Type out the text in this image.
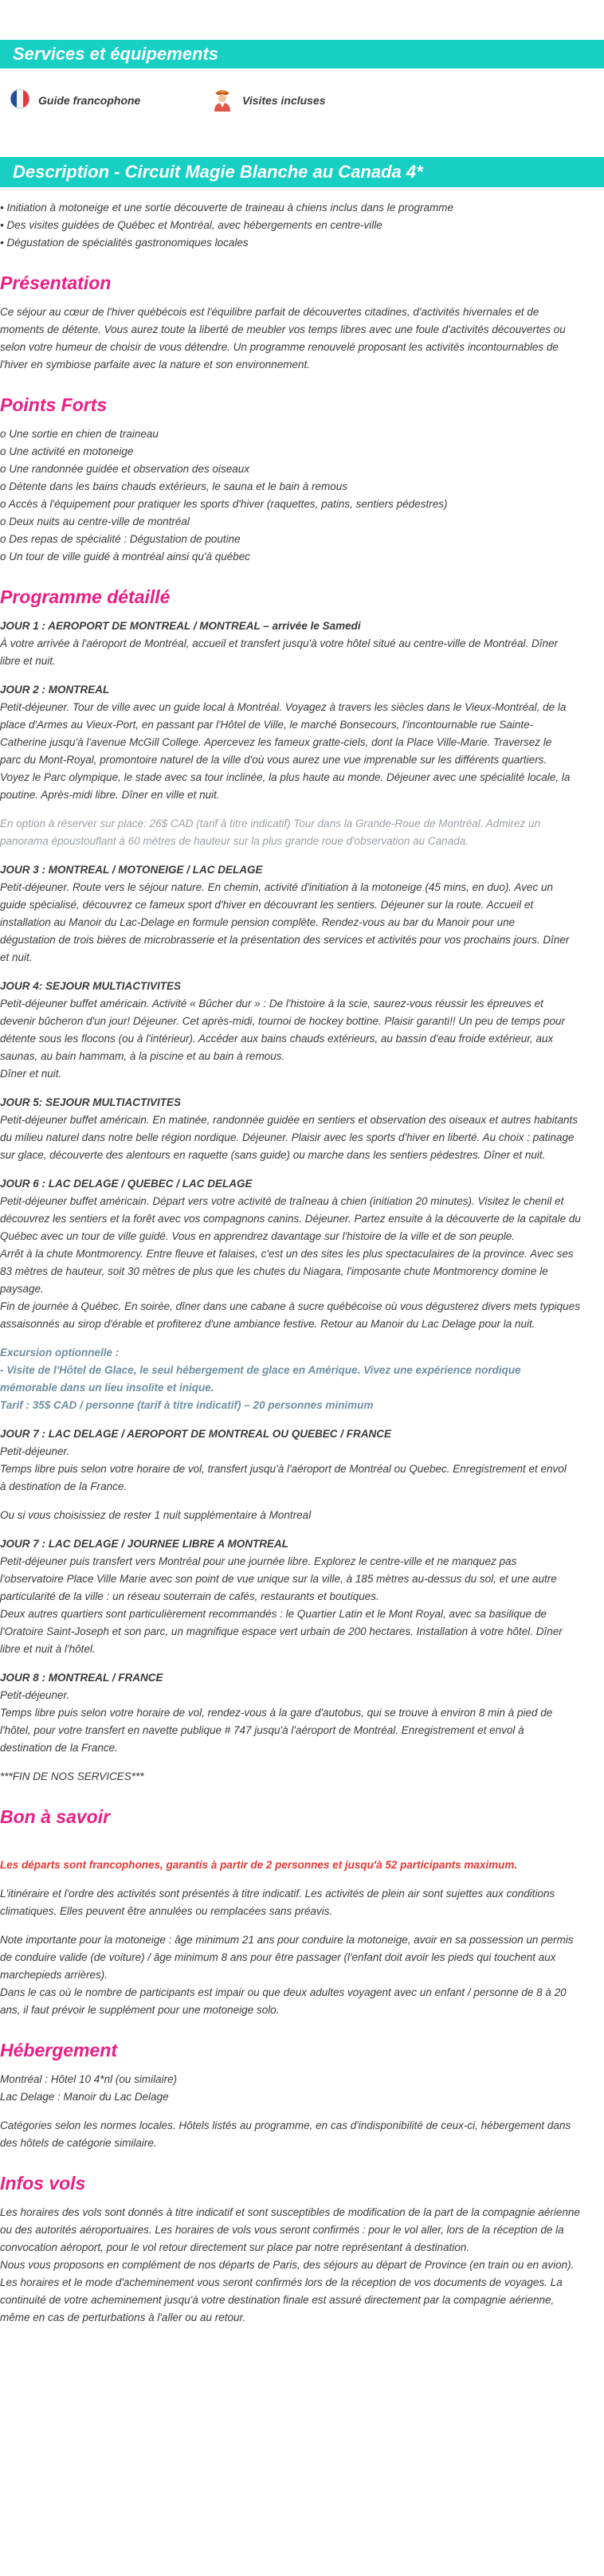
Services et équipements
Guide francophone	Visites incluses
Description - Circuit Magie Blanche au Canada 4*
• Initiation à motoneige et une sortie découverte de traineau à chiens inclus dans le programme
• Des visites guidées de Québec et Montréal, avec hébergements en centre-ville
• Dégustation de spécialités gastronomiques locales
Présentation
Ce séjour au cœur de l'hiver québécois est l'équilibre parfait de découvertes citadines, d'activités hivernales et de
moments de détente. Vous aurez toute la liberté de meubler vos temps libres avec une foule d'activités découvertes ou
selon votre humeur de choisir de vous détendre. Un programme renouvelé proposant les activités incontournables de
l'hiver en symbiose parfaite avec la nature et son environnement.
Points Forts
o Une sortie en chien de traineau
o Une activité en motoneige
o Une randonnée guidée et observation des oiseaux
o Détente dans les bains chauds extérieurs, le sauna et le bain à remous
o Accès à l'équipement pour pratiquer les sports d'hiver (raquettes, patins, sentiers pédestres)
o Deux nuits au centre-ville de montréal
o Des repas de spécialité : Dégustation de poutine
o Un tour de ville guidé à montréal ainsi qu'à québec
Programme détaillé
JOUR 1 : AEROPORT DE MONTREAL / MONTREAL – arrivée le Samedi
À votre arrivée à l'aéroport de Montréal, accueil et transfert jusqu'à votre hôtel situé au centre-ville de Montréal. Dîner
libre et nuit.
JOUR 2 : MONTREAL
Petit-déjeuner. Tour de ville avec un guide local à Montréal. Voyagez à travers les siècles dans le Vieux-Montréal, de la
place d'Armes au Vieux-Port, en passant par l'Hôtel de Ville, le marché Bonsecours, l'incontournable rue Sainte-
Catherine jusqu'à l'avenue McGill College. Apercevez les fameux gratte-ciels, dont la Place Ville-Marie. Traversez le
parc du Mont-Royal, promontoire naturel de la ville d'où vous aurez une vue imprenable sur les différents quartiers.
Voyez le Parc olympique, le stade avec sa tour inclinée, la plus haute au monde. Déjeuner avec une spécialité locale, la
poutine. Après-midi libre. Dîner en ville et nuit.
En option à réserver sur place: 26$ CAD (tarif à titre indicatif) Tour dans la Grande-Roue de Montréal. Admirez un
panorama époustouflant à 60 mètres de hauteur sur la plus grande roue d'observation au Canada.
JOUR 3 : MONTREAL / MOTONEIGE / LAC DELAGE
Petit-déjeuner. Route vers le séjour nature. En chemin, activité d'initiation à la motoneige (45 mins, en duo). Avec un
guide spécialisé, découvrez ce fameux sport d'hiver en découvrant les sentiers. Déjeuner sur la route. Accueil et
installation au Manoir du Lac-Delage en formule pension complète. Rendez-vous au bar du Manoir pour une
dégustation de trois bières de microbrasserie et la présentation des services et activités pour vos prochains jours. Dîner
et nuit.
JOUR 4: SEJOUR MULTIACTIVITES
Petit-déjeuner buffet américain. Activité « Bûcher dur » : De l'histoire à la scie, saurez-vous réussir les épreuves et
devenir bûcheron d'un jour! Déjeuner. Cet après-midi, tournoi de hockey bottine. Plaisir garanti!! Un peu de temps pour
détente sous les flocons (ou à l'intérieur). Accéder aux bains chauds extérieurs, au bassin d'eau froide extérieur, aux
saunas, au bain hammam, à la piscine et au bain à remous.
Dîner et nuit.
JOUR 5: SEJOUR MULTIACTIVITES
Petit-déjeuner buffet américain. En matinée, randonnée guidée en sentiers et observation des oiseaux et autres habitants
du milieu naturel dans notre belle région nordique. Déjeuner. Plaisir avec les sports d'hiver en liberté. Au choix : patinage
sur glace, découverte des alentours en raquette (sans guide) ou marche dans les sentiers pédestres. Dîner et nuit.
JOUR 6 : LAC DELAGE / QUEBEC / LAC DELAGE
Petit-déjeuner buffet américain. Départ vers votre activité de traîneau à chien (initiation 20 minutes). Visitez le chenil et
découvrez les sentiers et la forêt avec vos compagnons canins. Déjeuner. Partez ensuite à la découverte de la capitale du
Québec avec un tour de ville guidé. Vous en apprendrez davantage sur l'histoire de la ville et de son peuple.
Arrêt à la chute Montmorency. Entre fleuve et falaises, c'est un des sites les plus spectaculaires de la province. Avec ses
83 mètres de hauteur, soit 30 mètres de plus que les chutes du Niagara, l'imposante chute Montmorency domine le
paysage.
Fin de journée à Québec. En soirée, dîner dans une cabane à sucre québécoise où vous dégusterez divers mets typiques
assaisonnés au sirop d'érable et profiterez d'une ambiance festive. Retour au Manoir du Lac Delage pour la nuit.
Excursion optionnelle :
- Visite de l'Hôtel de Glace, le seul hébergement de glace en Amérique. Vivez une expérience nordique
mémorable dans un lieu insolite et inique.
Tarif : 35$ CAD / personne (tarif à titre indicatif) – 20 personnes minimum
JOUR 7 : LAC DELAGE / AEROPORT DE MONTREAL OU QUEBEC / FRANCE
Petit-déjeuner.
Temps libre puis selon votre horaire de vol, transfert jusqu'à l'aéroport de Montréal ou Quebec. Enregistrement et envol
à destination de la France.
Ou si vous choisissiez de rester 1 nuit supplémentaire à Montreal
JOUR 7 : LAC DELAGE / JOURNEE LIBRE A MONTREAL
Petit-déjeuner puis transfert vers Montréal pour une journée libre. Explorez le centre-ville et ne manquez pas
l'observatoire Place Ville Marie avec son point de vue unique sur la ville, à 185 mètres au-dessus du sol, et une autre
particularité de la ville : un réseau souterrain de cafés, restaurants et boutiques.
Deux autres quartiers sont particulièrement recommandés : le Quartier Latin et le Mont Royal, avec sa basilique de
l'Oratoire Saint-Joseph et son parc, un magnifique espace vert urbain de 200 hectares. Installation à votre hôtel. Dîner
libre et nuit à l'hôtel.
JOUR 8 : MONTREAL / FRANCE
Petit-déjeuner.
Temps libre puis selon votre horaire de vol, rendez-vous à la gare d'autobus, qui se trouve à environ 8 min à pied de
l'hôtel, pour votre transfert en navette publique # 747 jusqu'à l'aéroport de Montréal. Enregistrement et envol à
destination de la France.
***FIN DE NOS SERVICES***
Bon à savoir
Les départs sont francophones, garantis à partir de 2 personnes et jusqu'à 52 participants maximum.
L'itinéraire et l'ordre des activités sont présentés à titre indicatif. Les activités de plein air sont sujettes aux conditions
climatiques. Elles peuvent être annulées ou remplacées sans préavis.
Note importante pour la motoneige : âge minimum 21 ans pour conduire la motoneige, avoir en sa possession un permis
de conduire valide (de voiture) / âge minimum 8 ans pour être passager (l'enfant doit avoir les pieds qui touchent aux
marchepieds arrières).
Dans le cas où le nombre de participants est impair ou que deux adultes voyagent avec un enfant / personne de 8 à 20
ans, il faut prévoir le supplément pour une motoneige solo.
Hébergement
Montréal : Hôtel 10 4*nl (ou similaire)
Lac Delage : Manoir du Lac Delage
Catégories selon les normes locales. Hôtels listés au programme, en cas d'indisponibilité de ceux-ci, hébergement dans
des hôtels de catégorie similaire.
Infos vols
Les horaires des vols sont donnés à titre indicatif et sont susceptibles de modification de la part de la compagnie aérienne
ou des autorités aéroportuaires. Les horaires de vols vous seront confirmés : pour le vol aller, lors de la réception de la
convocation aéroport, pour le vol retour directement sur place par notre représentant à destination.
Nous vous proposons en complément de nos départs de Paris, des séjours au départ de Province (en train ou en avion).
Les horaires et le mode d'acheminement vous seront confirmés lors de la réception de vos documents de voyages. La
continuité de votre acheminement jusqu'à votre destination finale est assuré directement par la compagnie aérienne,
même en cas de perturbations à l'aller ou au retour.
